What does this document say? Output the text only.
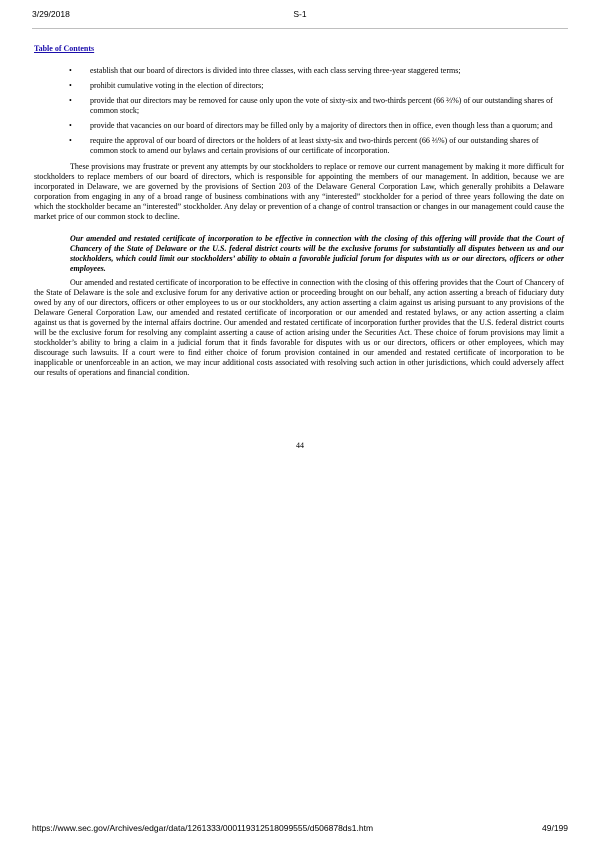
3/29/2018	S-1
Table of Contents
• establish that our board of directors is divided into three classes, with each class serving three-year staggered terms;
• prohibit cumulative voting in the election of directors;
• provide that our directors may be removed for cause only upon the vote of sixty-six and two-thirds percent (66 ⅔%) of our outstanding shares of common stock;
• provide that vacancies on our board of directors may be filled only by a majority of directors then in office, even though less than a quorum; and
• require the approval of our board of directors or the holders of at least sixty-six and two-thirds percent (66 ⅔%) of our outstanding shares of common stock to amend our bylaws and certain provisions of our certificate of incorporation.

These provisions may frustrate or prevent any attempts by our stockholders to replace or remove our current management by making it more difficult for stockholders to replace members of our board of directors, which is responsible for appointing the members of our management. In addition, because we are incorporated in Delaware, we are governed by the provisions of Section 203 of the Delaware General Corporation Law, which generally prohibits a Delaware corporation from engaging in any of a broad range of business combinations with any “interested” stockholder for a period of three years following the date on which the stockholder became an “interested” stockholder. Any delay or prevention of a change of control transaction or changes in our management could cause the market price of our common stock to decline.

Our amended and restated certificate of incorporation to be effective in connection with the closing of this offering will provide that the Court of Chancery of the State of Delaware or the U.S. federal district courts will be the exclusive forums for substantially all disputes between us and our stockholders, which could limit our stockholders’ ability to obtain a favorable judicial forum for disputes with us or our directors, officers or other employees.

Our amended and restated certificate of incorporation to be effective in connection with the closing of this offering provides that the Court of Chancery of the State of Delaware is the sole and exclusive forum for any derivative action or proceeding brought on our behalf, any action asserting a breach of fiduciary duty owed by any of our directors, officers or other employees to us or our stockholders, any action asserting a claim against us arising pursuant to any provisions of the Delaware General Corporation Law, our amended and restated certificate of incorporation or our amended and restated bylaws, or any action asserting a claim against us that is governed by the internal affairs doctrine. Our amended and restated certificate of incorporation further provides that the U.S. federal district courts will be the exclusive forum for resolving any complaint asserting a cause of action arising under the Securities Act. These choice of forum provisions may limit a stockholder’s ability to bring a claim in a judicial forum that it finds favorable for disputes with us or our directors, officers or other employees, which may discourage such lawsuits. If a court were to find either choice of forum provision contained in our amended and restated certificate of incorporation to be inapplicable or unenforceable in an action, we may incur additional costs associated with resolving such action in other jurisdictions, which could adversely affect our results of operations and financial condition.

44
https://www.sec.gov/Archives/edgar/data/1261333/000119312518099555/d506878ds1.htm	49/199
